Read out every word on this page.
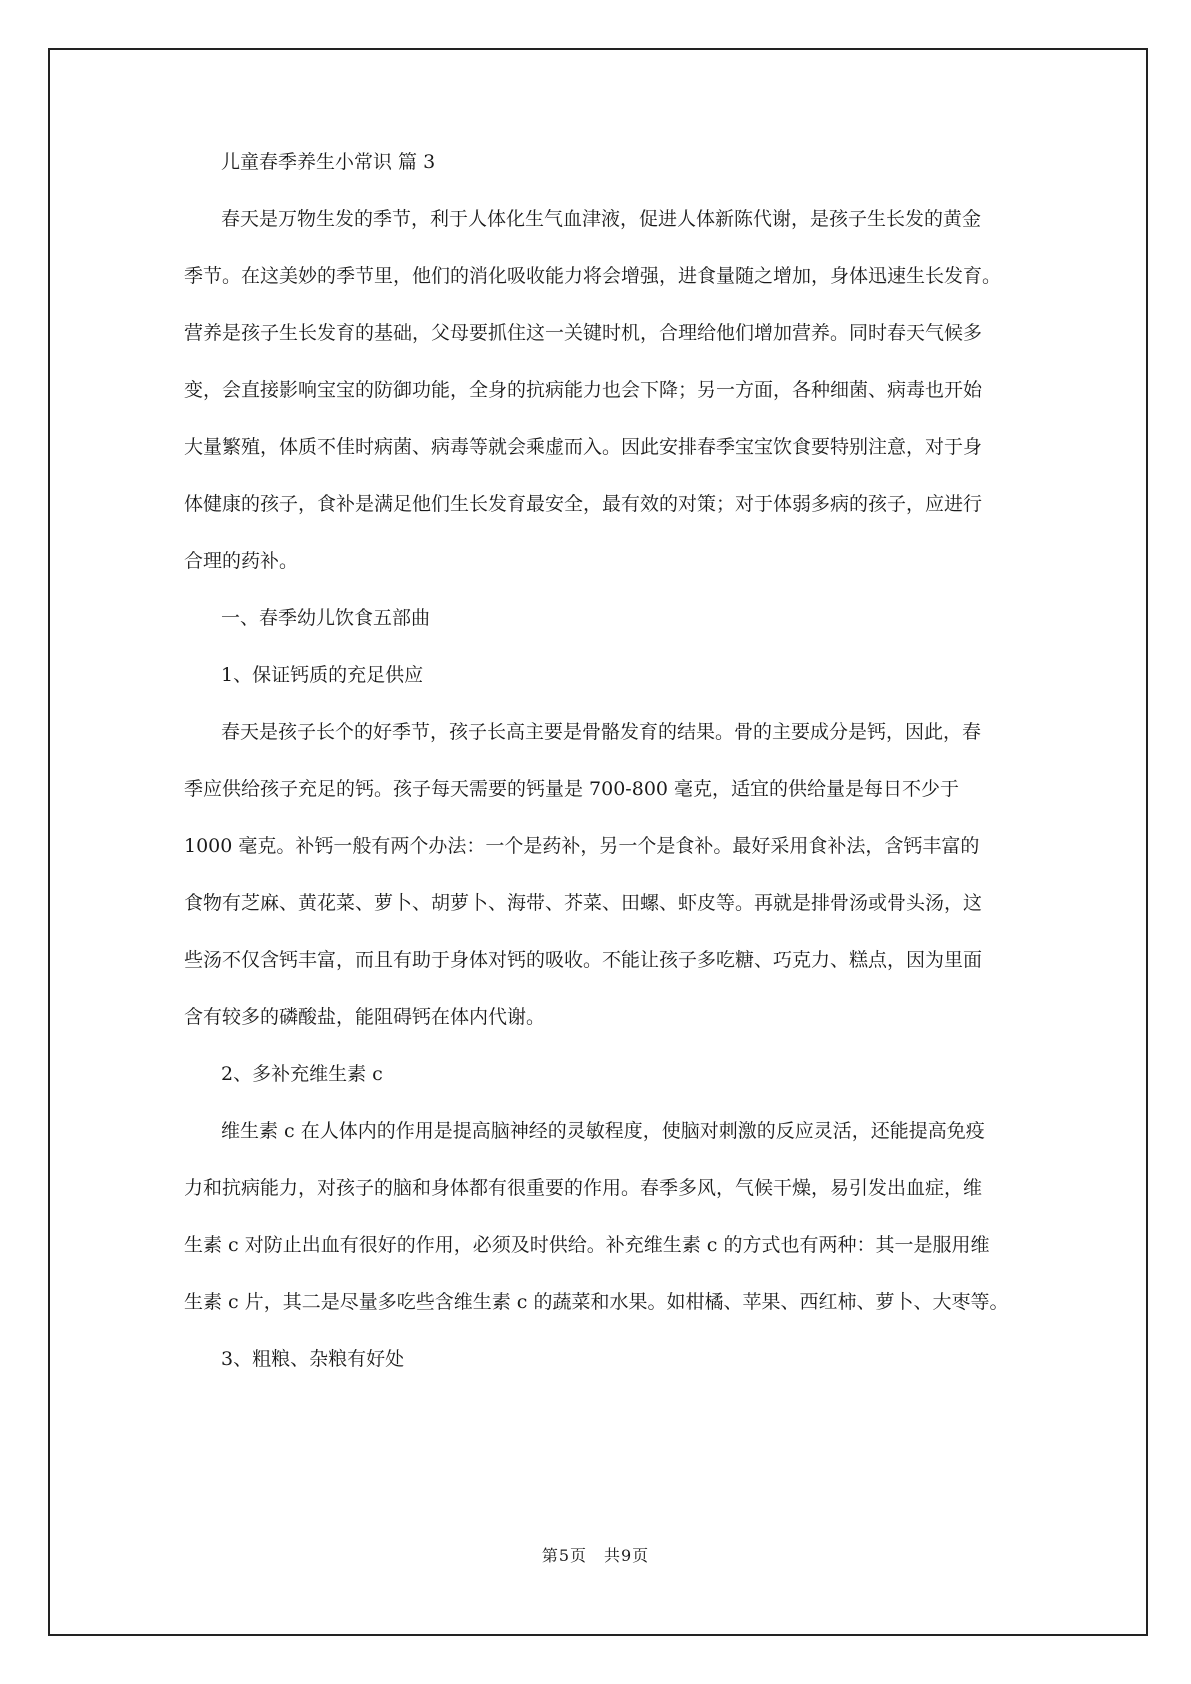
儿童春季养生小常识 篇 3
春天是万物生发的季节，利于人体化生气血津液，促进人体新陈代谢，是孩子生长发的黄金
季节。在这美妙的季节里，他们的消化吸收能力将会增强，进食量随之增加，身体迅速生长发育。
营养是孩子生长发育的基础，父母要抓住这一关键时机，合理给他们增加营养。同时春天气候多
变，会直接影响宝宝的防御功能，全身的抗病能力也会下降；另一方面，各种细菌、病毒也开始
大量繁殖，体质不佳时病菌、病毒等就会乘虚而入。因此安排春季宝宝饮食要特别注意，对于身
体健康的孩子，食补是满足他们生长发育最安全，最有效的对策；对于体弱多病的孩子，应进行
合理的药补。
一、春季幼儿饮食五部曲
1、保证钙质的充足供应
春天是孩子长个的好季节，孩子长高主要是骨骼发育的结果。骨的主要成分是钙，因此，春
季应供给孩子充足的钙。孩子每天需要的钙量是 700-800 毫克，适宜的供给量是每日不少于
1000 毫克。补钙一般有两个办法：一个是药补，另一个是食补。最好采用食补法，含钙丰富的
食物有芝麻、黄花菜、萝卜、胡萝卜、海带、芥菜、田螺、虾皮等。再就是排骨汤或骨头汤，这
些汤不仅含钙丰富，而且有助于身体对钙的吸收。不能让孩子多吃糖、巧克力、糕点，因为里面
含有较多的磷酸盐，能阻碍钙在体内代谢。
2、多补充维生素 c
维生素 c 在人体内的作用是提高脑神经的灵敏程度，使脑对刺激的反应灵活，还能提高免疫
力和抗病能力，对孩子的脑和身体都有很重要的作用。春季多风，气候干燥，易引发出血症，维
生素 c 对防止出血有很好的作用，必须及时供给。补充维生素 c 的方式也有两种：其一是服用维
生素 c 片，其二是尽量多吃些含维生素 c 的蔬菜和水果。如柑橘、苹果、西红柿、萝卜、大枣等。
3、粗粮、杂粮有好处
第5页　共9页
